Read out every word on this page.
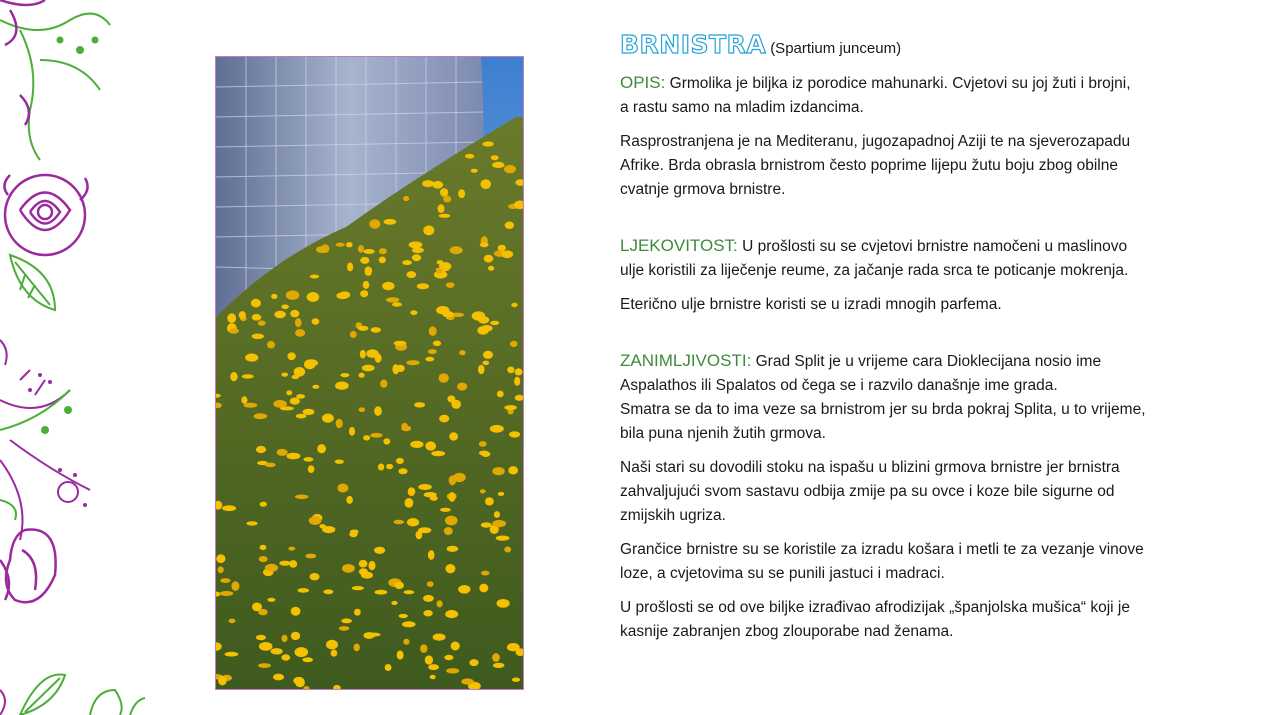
BRNISTRA (Spartium junceum)

OPIS: Grmolika je biljka iz porodice mahunarki. Cvjetovi su joj žuti i brojni,
a rastu samo na mladim izdancima.

Rasprostranjena je na Mediteranu, jugozapadnoj Aziji te na sjeverozapadu
Afrike. Brda obrasla brnistrom često poprime lijepu žutu boju zbog obilne
cvatnje grmova brnistre.

LJEKOVITOST: U prošlosti su se cvjetovi brnistre namočeni u maslinovo
ulje koristili za liječenje reume, za jačanje rada srca te poticanje mokrenja.

Eterično ulje brnistre koristi se u izradi mnogih parfema.

ZANIMLJIVOSTI: Grad Split je u vrijeme cara Dioklecijana nosio ime
Aspalathos ili Spalatos od čega se i razvilo današnje ime grada.
Smatra se da to ima veze sa brnistrom jer su brda pokraj Splita, u to vrijeme,
bila puna njenih žutih grmova.

Naši stari su dovodili stoku na ispašu u blizini grmova brnistre jer brnistra
zahvaljujući svom sastavu odbija zmije pa su ovce i koze bile sigurne od
zmijskih ugriza.

Grančice brnistre su se koristile za izradu košara i metli te za vezanje vinove
loze, a cvjetovima su se punili jastuci i madraci.

U prošlosti se od ove biljke izrađivao afrodizijak „španjolska mušica“ koji je
kasnije zabranjen zbog zlouporabe nad ženama.
